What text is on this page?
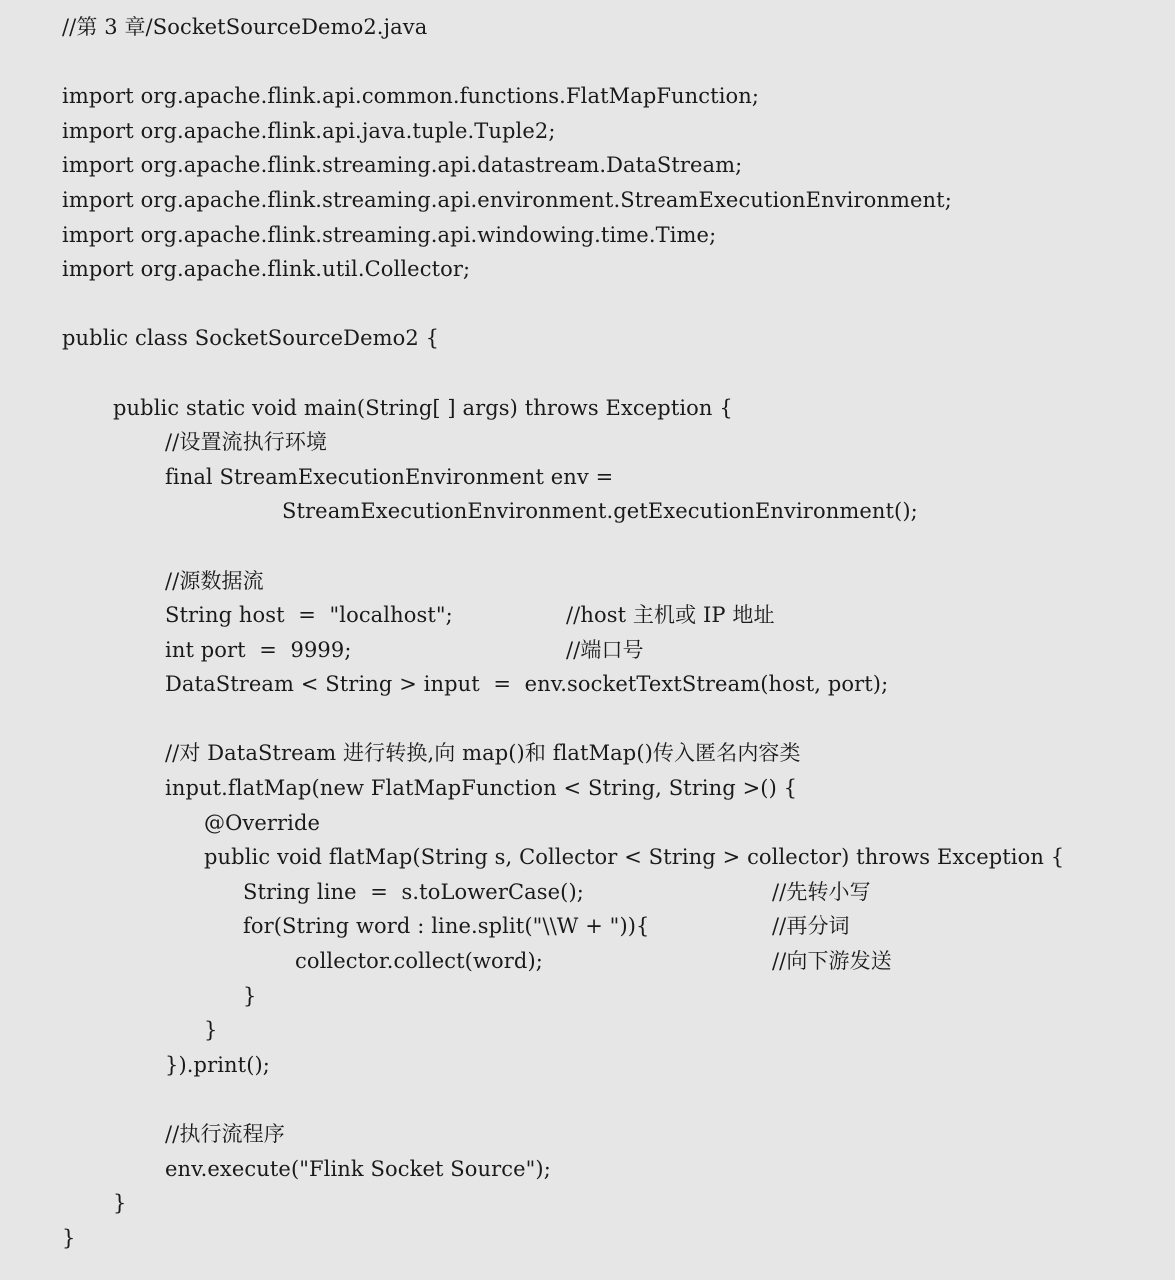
//第 3 章/SocketSourceDemo2.java
import org.apache.flink.api.common.functions.FlatMapFunction;
import org.apache.flink.api.java.tuple.Tuple2;
import org.apache.flink.streaming.api.datastream.DataStream;
import org.apache.flink.streaming.api.environment.StreamExecutionEnvironment;
import org.apache.flink.streaming.api.windowing.time.Time;
import org.apache.flink.util.Collector;
public class SocketSourceDemo2 {
public static void main(String[ ] args) throws Exception {
//设置流执行环境
final StreamExecutionEnvironment env =
StreamExecutionEnvironment.getExecutionEnvironment();
//源数据流
String host  =  "localhost";	//host 主机或 IP 地址
int port  =  9999;	//端口号
DataStream < String > input  =  env.socketTextStream(host, port);
//对 DataStream 进行转换,向 map()和 flatMap()传入匿名内容类
input.flatMap(new FlatMapFunction < String, String >() {
@Override
public void flatMap(String s, Collector < String > collector) throws Exception {
String line  =  s.toLowerCase();	//先转小写
for(String word : line.split("\\W + ")){	//再分词
collector.collect(word);	//向下游发送
}
}
}).print();
//执行流程序
env.execute("Flink Socket Source");
}
}
